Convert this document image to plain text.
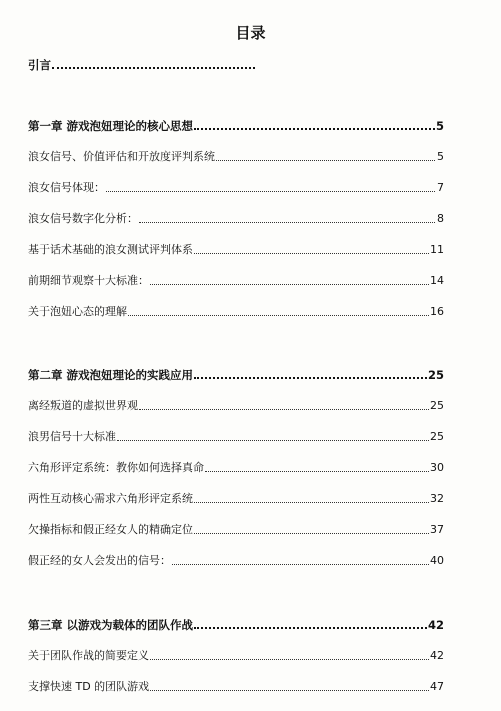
目录
引言
第一章 游戏泡妞理论的核心思想	5
浪女信号、价值评估和开放度评判系统	5
浪女信号体现：	7
浪女信号数字化分析：	8
基于话术基础的浪女测试评判体系	11
前期细节观察十大标准：	14
关于泡妞心态的理解	16
第二章 游戏泡妞理论的实践应用	25
离经叛道的虚拟世界观	25
浪男信号十大标准	25
六角形评定系统：教你如何选择真命	30
两性互动核心需求六角形评定系统	32
欠操指标和假正经女人的精确定位	37
假正经的女人会发出的信号：	40
第三章 以游戏为载体的团队作战	42
关于团队作战的简要定义	42
支撑快速 TD 的团队游戏	47
